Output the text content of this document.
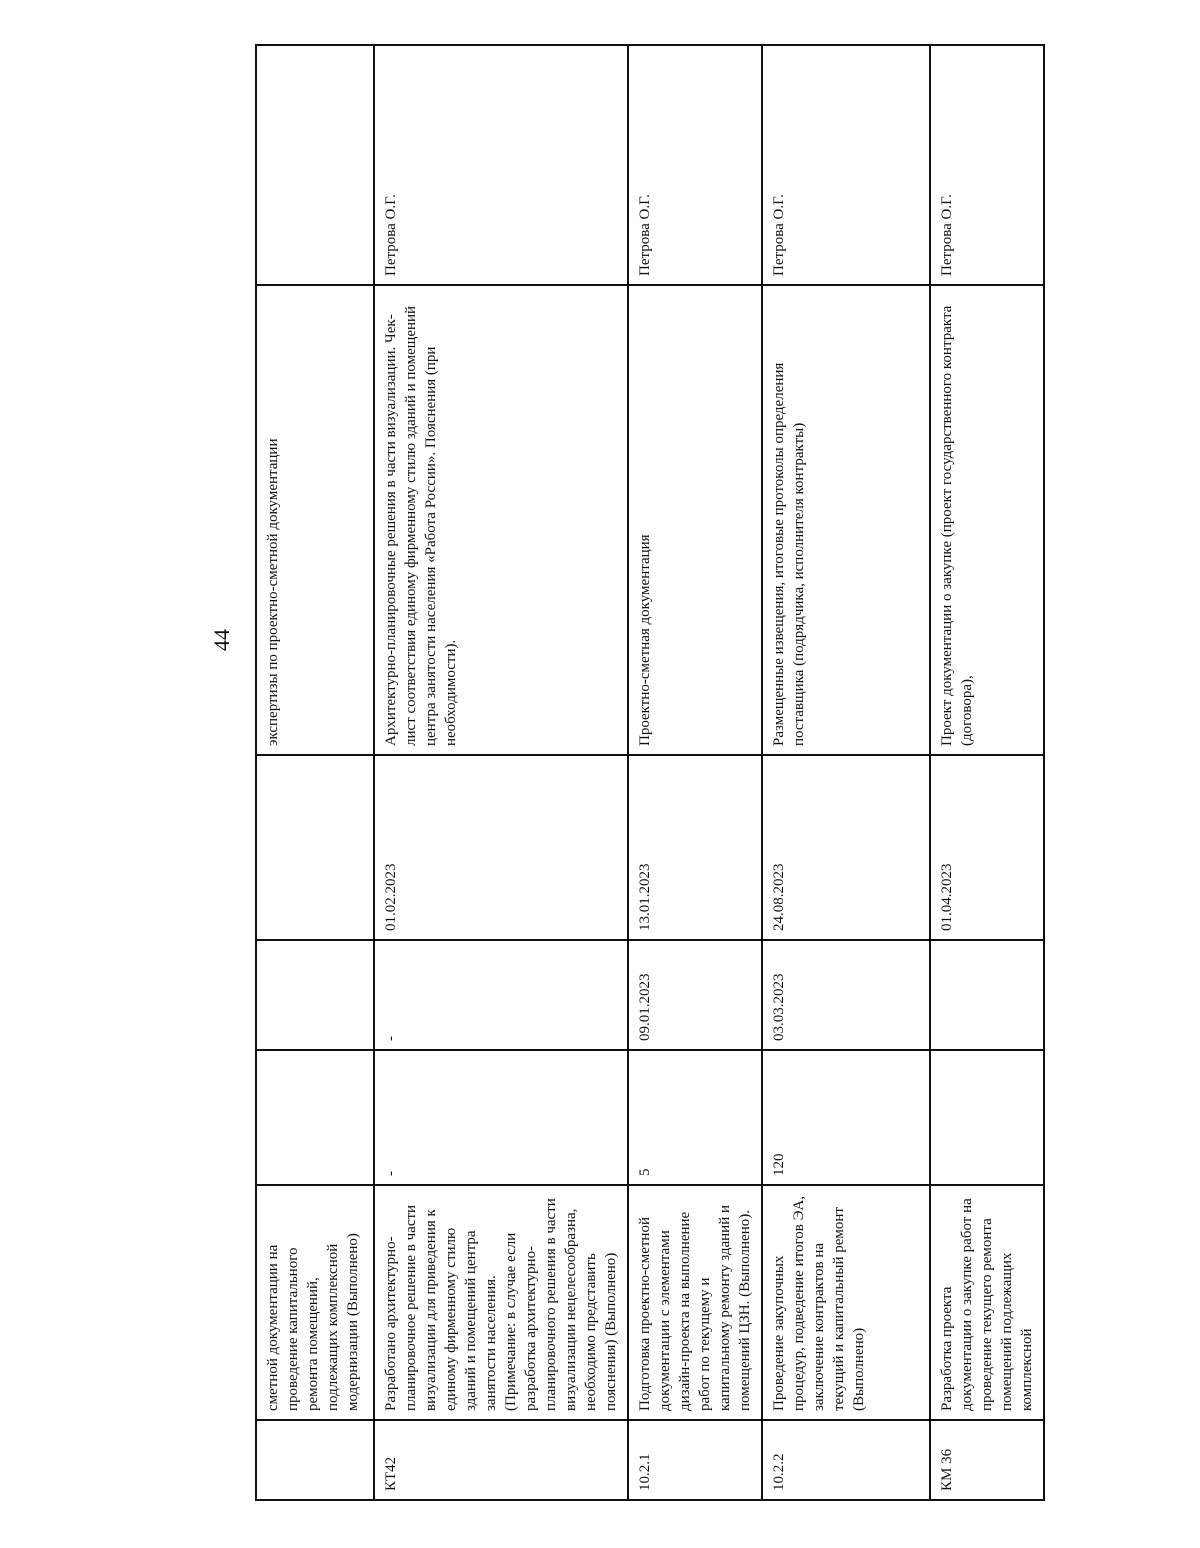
44
	сметной документации на проведение капитального ремонта помещений, подлежащих комплексной модернизации (Выполнено)				экспертизы по проектно-сметной документации	
КТ42	Разработано архитектурно-планировочное решение в части визуализации для приведения к единому фирменному стилю зданий и помещений центра занятости населения. (Примечание: в случае если разработка архитектурно-планировочного решения в части визуализации нецелесообразна, необходимо представить пояснения) (Выполнено)	-	-	01.02.2023	Архитектурно-планировочные решения в части визуализации. Чек-лист соответствия единому фирменному стилю зданий и помещений центра занятости населения «Работа России». Пояснения (при необходимости).	Петрова О.Г.
10.2.1	Подготовка проектно-сметной документации с элементами дизайн-проекта на выполнение работ по текущему и капитальному ремонту зданий и помещений ЦЗН. (Выполнено).	5	09.01.2023	13.01.2023	Проектно-сметная документация	Петрова О.Г.
10.2.2	Проведение закупочных процедур, подведение итогов ЭА, заключение контрактов на текущий и капитальный ремонт (Выполнено)	120	03.03.2023	24.08.2023	Размещенные извещения, итоговые протоколы определения поставщика (подрядчика, исполнителя контракты)	Петрова О.Г.
КМ 36	Разработка проекта документации о закупке работ на проведение текущего ремонта помещений подлежащих комплексной			01.04.2023	Проект документации о закупке (проект государственного контракта (договора),	Петрова О.Г.
